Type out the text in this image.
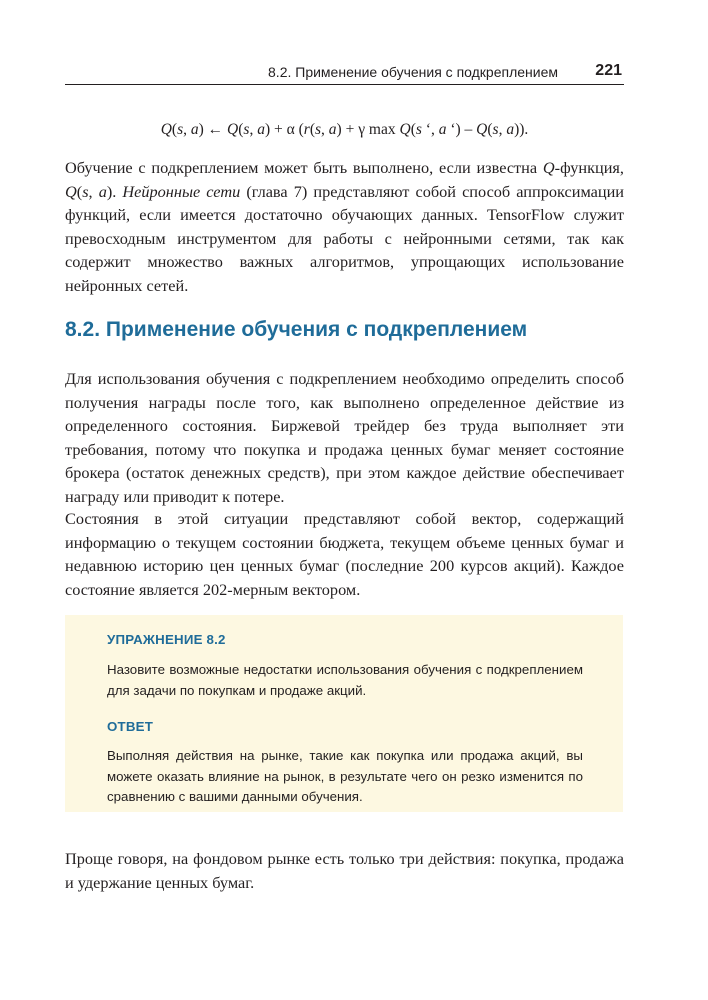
8.2. Применение обучения с подкреплением 221
Q(s, a) ← Q(s, a) + α (r(s, a) + γ max Q(s ‘, a ‘) – Q(s, a)).

Обучение с подкреплением может быть выполнено, если известна Q-функция, Q(s, a). Нейронные сети (глава 7) представляют собой способ аппроксимации функций, если имеется достаточно обучающих данных. TensorFlow служит превосходным инструментом для работы с нейронными сетями, так как содержит множество важных алгоритмов, упрощающих использование нейронных сетей.

8.2. Применение обучения с подкреплением

Для использования обучения с подкреплением необходимо определить способ получения награды после того, как выполнено определенное действие из определенного состояния. Биржевой трейдер без труда выполняет эти требования, потому что покупка и продажа ценных бумаг меняет состояние брокера (остаток денежных средств), при этом каждое действие обеспечивает награду или приводит к потере.

Состояния в этой ситуации представляют собой вектор, содержащий информацию о текущем состоянии бюджета, текущем объеме ценных бумаг и недавнюю историю цен ценных бумаг (последние 200 курсов акций). Каждое состояние является 202-мерным вектором.

УПРАЖНЕНИЕ 8.2

Назовите возможные недостатки использования обучения с подкреплением для задачи по покупкам и продаже акций.

ОТВЕТ

Выполняя действия на рынке, такие как покупка или продажа акций, вы можете оказать влияние на рынок, в результате чего он резко изменится по сравнению с вашими данными обучения.

Проще говоря, на фондовом рынке есть только три действия: покупка, продажа и удержание ценных бумаг.
